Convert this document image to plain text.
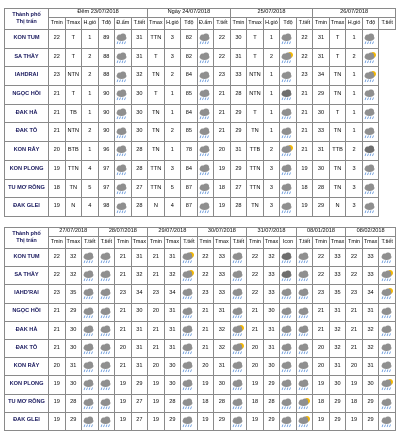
Thành phố
Thị trấn	Đêm 23/07/2018						Ngày 24/07/2018					25/07/2018					26/07/2018				
	Tmin	Tmax	H.gió	Tđộ	Đ.ẩm	T.tiết	Tmax	H.gió	Tđộ	Đ.ẩm	T.tiết	Tmin	Tmax	H.gió	Tđộ	T.tiết	Tmin	Tmax	H.gió	Tđộ	T.tiết
KON TUM	22	T	1	89		31	TTN	3	82		22	30	T	1		22	31	T	1	
SA THẦY	22	T	2	88		31	T	3	82		22	31	T	2		22	31	T	2	
IAHDRAI	23	NTN	2	88		32	TN	2	84		23	33	NTN	1		23	34	TN	1	
NGỌC HỒI	21	T	1	90		30	T	1	85		21	28	NTN	1		21	29	TN	1	
ĐAK HÀ	21	TB	1	90		30	TN	1	84		21	29	T	1		21	30	T	1	
ĐAK TÔ	21	NTN	2	90		30	TN	2	85		21	29	TN	1		21	33	TN	1	
KON RẪY	20	BTB	1	96		28	TN	1	78		20	31	TTB	2		21	31	TTB	2	
KON PLONG	19	TTN	4	97		28	TTN	3	84		19	29	TTN	3		19	30	TN	3	
TU MƠ RÔNG	18	TN	5	97		27	TTN	5	87		18	27	TTN	3		18	28	TN	3	
ĐAK GLEI	19	N	4	98		28	N	4	87		19	28	TN	3		19	29	N	3	
Thành phố
Thị trấn	27/07/2018			28/07/2018			29/07/2018			30/07/2018			31/07/2018			08/01/2018			08/02/2018		
	Tmin	Tmax	T.tiết	T.tiết	Tmin	Tmax	Tmin	Tmax	T.tiết	Tmin	Tmax	T.tiết	Tmin	Tmax	Icon	T.tiết	Tmin	Tmax	Tmin	Tmax	T.tiết
KON TUM	22	32			21	31	21	31		22	33		22	32			22	33	22	33	
SA THẦY	22	32			21	32	21	32		22	33		22	33			22	33	22	33	
IAHD'RAI	23	35			23	34	23	34		23	33		22	33			23	35	23	34	
NGỌC HỒI	21	29			21	30	20	31		21	31		21	30			21	31	21	31	
ĐAK HÀ	21	30			21	31	21	31		21	32		21	31			21	32	21	32	
ĐAK TÔ	21	30			20	31	21	31		21	32		20	31			20	32	21	32	
KON RẪY	20	31			21	31	20	30		20	31		20	30			20	31	20	31	
KON PLONG	19	30			19	29	19	30		19	30		19	29			19	30	19	30	
TU MƠ RÔNG	19	28			19	27	19	28		18	28		18	28			18	29	18	29	
ĐAK GLEI	19	29			19	27	19	29		19	29		19	29			19	29	19	29	
